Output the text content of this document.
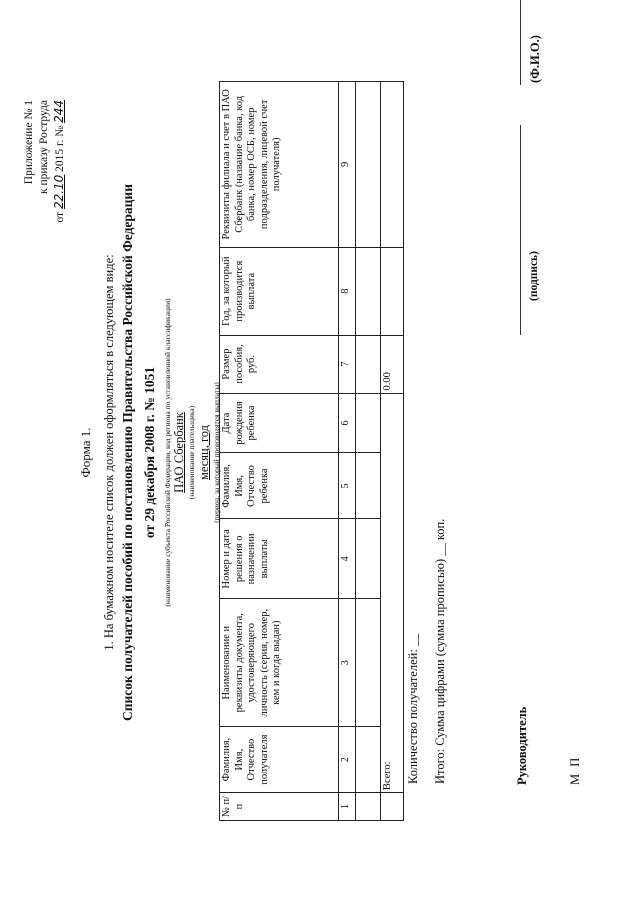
Приложение № 1 к приказу Роструда
от 22.10 2015 г. № 244
Форма 1. 1. На бумажном носителе список должен оформляться в следующем виде: Список получателей пособий по постановлению Правительства Российской Федерации от 29 декабря 2008 г. № 1051 (наименование субъекта Российской Федерации, код региона по установленной классификации) ПАО Сбербанк (наименование плательщика) месяц, год (период, за который производятся выплаты)
№ п/п	Фамилия, Имя, Отчество получателя	Наименование и реквизиты документа, удостоверяющего личность (серия, номер, кем и когда выдан)	Номер и дата решения о назначении выплаты	Фамилия, Имя, Отчество ребенка	Дата рождения ребенка	Размер пособия, руб.	Год, за который производится выплата	Реквизиты филиала и счет в ПАО Сбербанк (название банка, код банка, номер ОСБ, номер подразделения, лицевой счет получателя)
1	2	3	4	5	6	7	8	9

	Всего:					0.00		
Количество получателей: __ Итого: Сумма цифрами (сумма прописью) __ коп.	Руководитель
(подпись)
(Ф.И.О.)
М П
